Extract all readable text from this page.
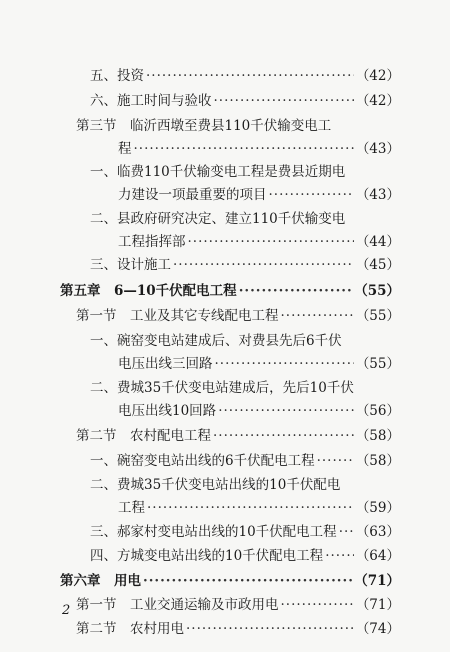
五、投资 ·····	（42）
六、施工时间与验收 ·····	（42）
第三节　临沂西墩至费县110千伏输变电工
程 ·····	（43）
一、临费110千伏输变电工程是费县近期电
力建设一项最重要的项目 ·····	（43）
二、县政府研究决定、建立110千伏输变电
工程指挥部 ·····	（44）
三、设计施工 ·····	（45）
第五章　6—10千伏配电工程 ·····	（55）
第一节　工业及其它专线配电工程 ·····	（55）
一、碗窑变电站建成后、对费县先后6千伏
电压出线三回路 ·····	（55）
二、费城35千伏变电站建成后，先后10千伏
电压出线10回路 ·····	（56）
第二节　农村配电工程 ·····	（58）
一、碗窑变电站出线的6千伏配电工程 ·····	（58）
二、费城35千伏变电站出线的10千伏配电
工程 ·····	（59）
三、郝家村变电站出线的10千伏配电工程 ····· （63）
四、方城变电站出线的10千伏配电工程 ····· （64）
第六章　用电 ·····	（71）
第一节　工业交通运输及市政用电 ·····	（71）
第二节　农村用电 ·····	（74）
2
